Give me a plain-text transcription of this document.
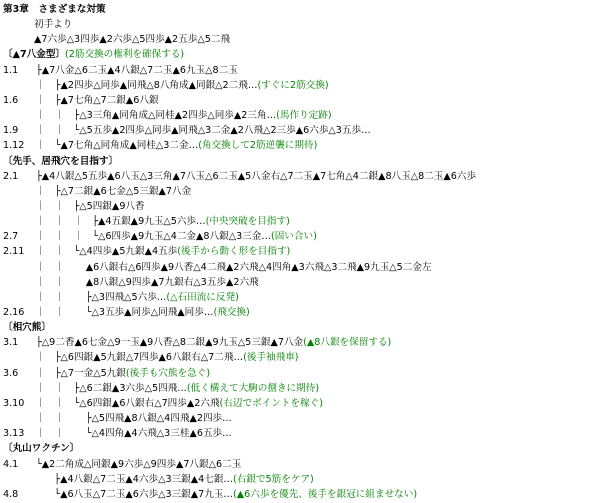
第3章　さまざまな対策
初手より
▲7六歩△3四歩▲2六歩△5四歩▲2五歩△5二飛
〔▲7八金型〕(2筋交換の権利を確保する)
1.1 ├▲7八金△6二玉▲4八銀△7二玉▲6九玉△8二玉
｜   ├▲2四歩△同歩▲同飛△8八角成▲同銀△2二飛…(すぐに2筋交換)
1.6 ｜   ├▲7七角△7二銀▲6八銀
｜   ｜   ├△3三角▲同角成△同桂▲2四歩△同歩▲2三角…(馬作り定跡)
1.9 ｜   ｜   └△5五歩▲2四歩△同歩▲同飛△3二金▲2八飛△2三歩▲6六歩△3五歩…
1.12 ｜   └▲7七角△同角成▲同桂△3二金…(角交換して2筋逆襲に期待)
〔先手、居飛穴を目指す〕
2.1 ├▲4八銀△5五歩▲6八玉△3三角▲7八玉△6二玉▲5八金右△7二玉▲7七角△4二銀▲8八玉△8二玉▲6六歩
｜   ├△7二銀▲6七金△5三銀▲7八金
｜   ｜   ├△5四銀▲9八香
｜   ｜   ｜   ├▲4五銀▲9九玉△5六歩…(中央突破を目指す)
2.7 ｜   ｜   ｜   └△6四歩▲9九玉△4二金▲8八銀△3三金…(固い合い)
2.11 ｜   ｜   └△4四歩▲5九銀▲4五歩(後手から動く形を目指す)
｜   ｜       ▲6八銀右△6四歩▲9八香△4二飛▲2六飛△4四角▲3六飛△3二飛▲9九玉△5二金左
｜   ｜       ▲8八銀△9四歩▲7九銀右△3五歩▲2六飛
｜   ｜       ├△3四飛△5六歩…(△石田流に反発)
2.16 ｜   ｜       └△3五歩▲同歩△同飛▲同歩…(飛交換)
〔相穴熊〕
3.1 ├△9二香▲6七金△9一玉▲9八香△8二銀▲9九玉△5三銀▲7八金(▲8八銀を保留する)
｜   ├△6四銀▲5九銀△7四歩▲6八銀右△7二飛…(後手袖飛車)
3.6 ｜   ├△7一金△5九銀(後手も穴熊を急ぐ)
｜   ｜   ├△6二銀▲3六歩△5四飛…(低く構えて大駒の捌きに期待)
3.10 ｜   ｜   └△6四銀▲6八銀右△7四歩▲2六飛(右辺でポイントを稼ぐ)
｜   ｜       ├△5四飛▲8八銀△4四飛▲2四歩…
3.13 ｜   ｜       └△4四角▲4六飛△3三桂▲6五歩…
〔丸山ワクチン〕
4.1 └▲2二角成△同銀▲9六歩△9四歩▲7八銀△6二玉
├▲4八銀△7二玉▲4六歩△3三銀▲4七銀…(右銀で5筋をケア)
4.8 └▲6八玉△7二玉▲6六歩△3三銀▲7九玉…(▲6六歩を優先、後手を銀冠に組ませない)
